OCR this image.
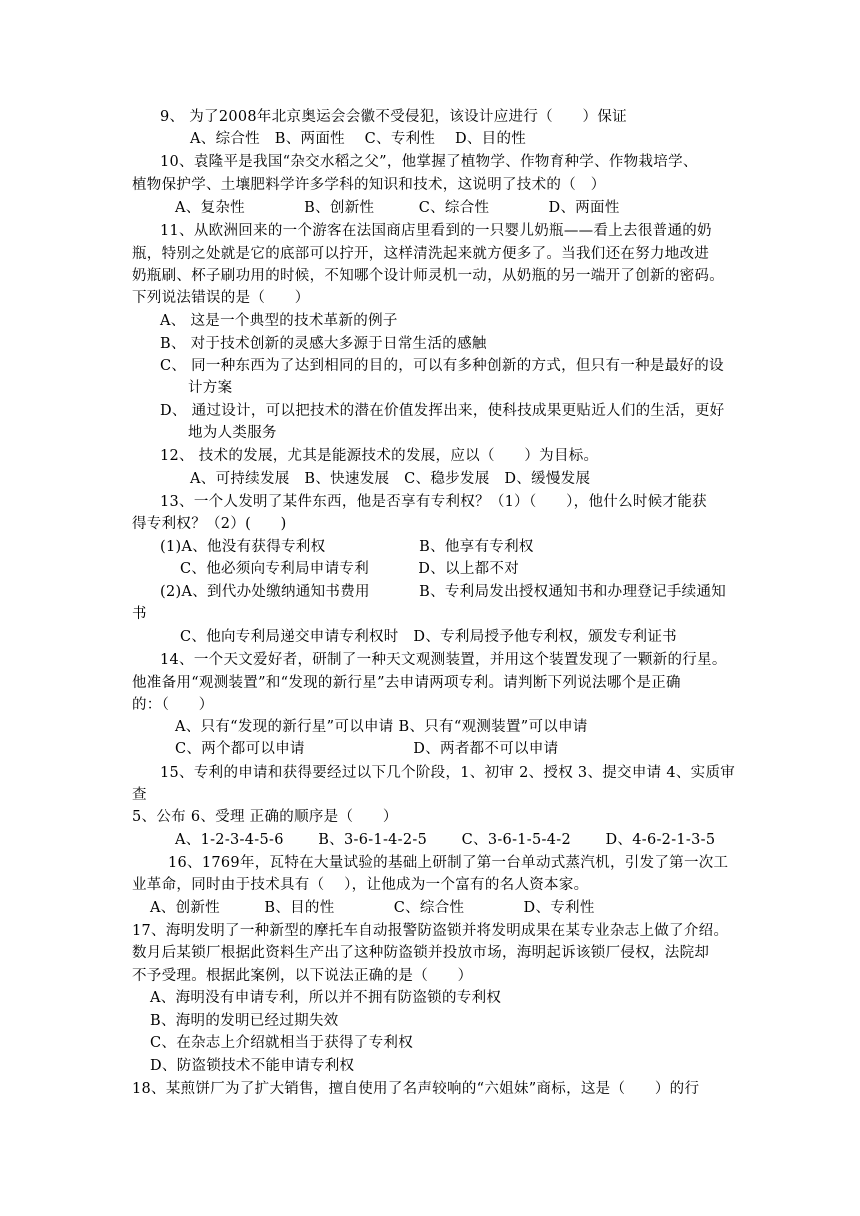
9、 为了2008年北京奥运会会徽不受侵犯，该设计应进行（　　）保证
A、综合性　B、两面性　 C、专利性　 D、目的性
10、袁隆平是我国“杂交水稻之父”，他掌握了植物学、作物育种学、作物栽培学、
植物保护学、土壤肥料学许多学科的知识和技术，这说明了技术的（　）
A、复杂性　　　　B、创新性　　　C、综合性　　　　D、两面性
11、从欧洲回来的一个游客在法国商店里看到的一只婴儿奶瓶——看上去很普通的奶
瓶，特别之处就是它的底部可以拧开，这样清洗起来就方便多了。当我们还在努力地改进
奶瓶刷、杯子刷功用的时候，不知哪个设计师灵机一动，从奶瓶的另一端开了创新的密码。
下列说法错误的是（　　）
A、 这是一个典型的技术革新的例子
B、 对于技术创新的灵感大多源于日常生活的感触
C、 同一种东西为了达到相同的目的，可以有多种创新的方式，但只有一种是最好的设
计方案
D、 通过设计，可以把技术的潜在价值发挥出来，使科技成果更贴近人们的生活，更好
地为人类服务
12、 技术的发展，尤其是能源技术的发展，应以（　　）为目标。
A、可持续发展　B、快速发展　C、稳步发展　D、缓慢发展
13、一个人发明了某件东西，他是否享有专利权？（1）（　　），他什么时候才能获
得专利权？（2）(　　)
(1)A、他没有获得专利权　　　　　　 B、他享有专利权
C、他必须向专利局申请专利　　　 D、以上都不对
(2)A、到代办处缴纳通知书费用　　　 B、专利局发出授权通知书和办理登记手续通知
书
C、他向专利局递交申请专利权时　D、专利局授予他专利权，颁发专利证书
14、一个天文爱好者，研制了一种天文观测装置，并用这个装置发现了一颗新的行星。
他准备用“观测装置”和“发现的新行星”去申请两项专利。请判断下列说法哪个是正确
的：（　　）
A、只有“发现的新行星”可以申请 B、只有“观测装置”可以申请
C、两个都可以申请　　　　　　　 D、两者都不可以申请
15、专利的申请和获得要经过以下几个阶段，1、初审 2、授权 3、提交申请 4、实质审
查
5、公布 6、受理 正确的顺序是（　　）
A、1-2-3-4-5-6　　 B、3-6-1-4-2-5　　 C、3-6-1-5-4-2　　 D、4-6-2-1-3-5
16、1769年，瓦特在大量试验的基础上研制了第一台单动式蒸汽机，引发了第一次工
业革命，同时由于技术具有（　 ），让他成为一个富有的名人资本家。
A、创新性　　　B、目的性　　　　C、综合性　　　　D、专利性
17、海明发明了一种新型的摩托车自动报警防盗锁并将发明成果在某专业杂志上做了介绍。
数月后某锁厂根据此资料生产出了这种防盗锁并投放市场，海明起诉该锁厂侵权，法院却
不予受理。根据此案例，以下说法正确的是（　　）
A、海明没有申请专利，所以并不拥有防盗锁的专利权
B、海明的发明已经过期失效
C、在杂志上介绍就相当于获得了专利权
D、防盗锁技术不能申请专利权
18、某煎饼厂为了扩大销售，擅自使用了名声较响的“六姐妹”商标，这是（　　）的行
